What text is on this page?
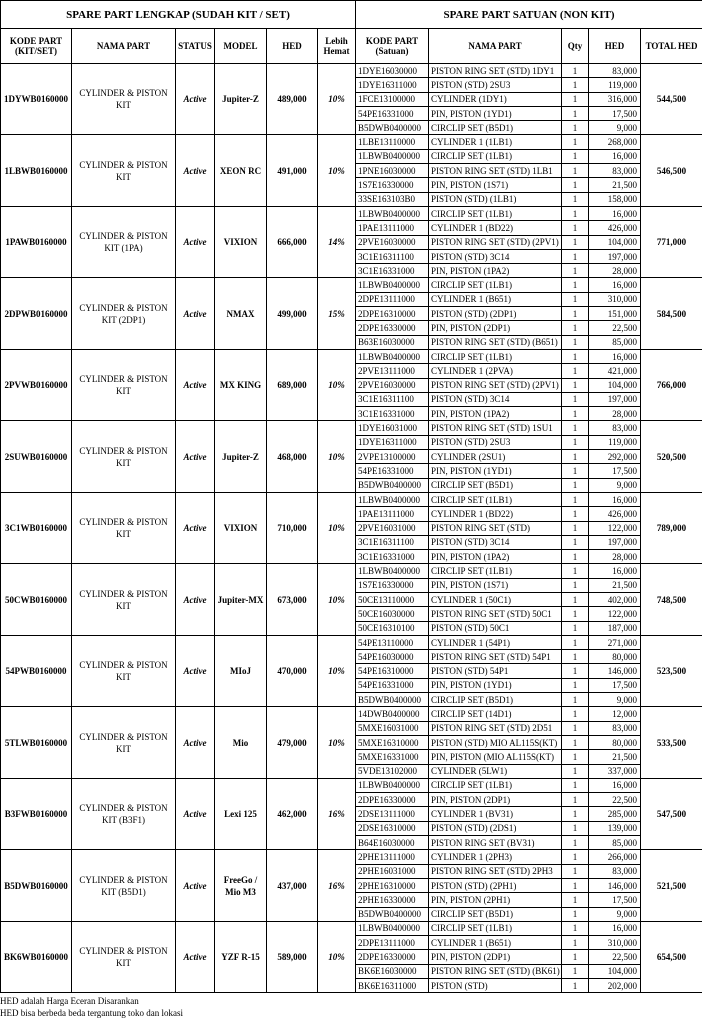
SPARE PART LENGKAP (SUDAH KIT / SET)						SPARE PART SATUAN (NON KIT)				
KODE PART (KIT/SET)	NAMA PART	STATUS	MODEL	HED	Lebih Hemat	KODE PART (Satuan)	NAMA PART	Qty	HED	TOTAL HED
1DYWB0160000	CYLINDER & PISTON KIT	Active	Jupiter-Z	489,000	10%	1DYE16030000	PISTON RING SET (STD) 1DY1	1	83,000	544,500
						1DYE16311000	PISTON (STD) 2SU3	1	119,000	
						1FCE13100000	CYLINDER (1DY1)	1	316,000	
						54PE16331000	PIN, PISTON (1YD1)	1	17,500	
						B5DWB0400000	CIRCLIP SET (B5D1)	1	9,000	
1LBWB0160000	CYLINDER & PISTON KIT	Active	XEON RC	491,000	10%	1LBE13110000	CYLINDER 1 (1LB1)	1	268,000	546,500
						1LBWB0400000	CIRCLIP SET (1LB1)	1	16,000	
						1PNE16030000	PISTON RING SET (STD) 1LB1	1	83,000	
						1S7E16330000	PIN, PISTON (1S71)	1	21,500	
						33SE163103B0	PISTON (STD) (1LB1)	1	158,000	
1PAWB0160000	CYLINDER & PISTON KIT (1PA)	Active	VIXION	666,000	14%	1LBWB0400000	CIRCLIP SET (1LB1)	1	16,000	771,000
						1PAE13111000	CYLINDER 1 (BD22)	1	426,000	
						2PVE16030000	PISTON RING SET (STD) (2PV1)	1	104,000	
						3C1E16311100	PISTON (STD) 3C14	1	197,000	
						3C1E16331000	PIN, PISTON (1PA2)	1	28,000	
2DPWB0160000	CYLINDER & PISTON KIT (2DP1)	Active	NMAX	499,000	15%	1LBWB0400000	CIRCLIP SET (1LB1)	1	16,000	584,500
						2DPE13111000	CYLINDER 1 (B651)	1	310,000	
						2DPE16310000	PISTON (STD) (2DP1)	1	151,000	
						2DPE16330000	PIN, PISTON (2DP1)	1	22,500	
						B63E16030000	PISTON RING SET (STD) (B651)	1	85,000	
2PVWB0160000	CYLINDER & PISTON KIT	Active	MX KING	689,000	10%	1LBWB0400000	CIRCLIP SET (1LB1)	1	16,000	766,000
						2PVE13111000	CYLINDER 1 (2PVA)	1	421,000	
						2PVE16030000	PISTON RING SET (STD) (2PV1)	1	104,000	
						3C1E16311100	PISTON (STD) 3C14	1	197,000	
						3C1E16331000	PIN, PISTON (1PA2)	1	28,000	
2SUWB0160000	CYLINDER & PISTON KIT	Active	Jupiter-Z	468,000	10%	1DYE16031000	PISTON RING SET (STD) 1SU1	1	83,000	520,500
						1DYE16311000	PISTON (STD) 2SU3	1	119,000	
						2VPE13100000	CYLINDER (2SU1)	1	292,000	
						54PE16331000	PIN, PISTON (1YD1)	1	17,500	
						B5DWB0400000	CIRCLIP SET (B5D1)	1	9,000	
3C1WB0160000	CYLINDER & PISTON KIT	Active	VIXION	710,000	10%	1LBWB0400000	CIRCLIP SET (1LB1)	1	16,000	789,000
						1PAE13111000	CYLINDER 1 (BD22)	1	426,000	
						2PVE16031000	PISTON RING SET (STD)	1	122,000	
						3C1E16311100	PISTON (STD) 3C14	1	197,000	
						3C1E16331000	PIN, PISTON (1PA2)	1	28,000	
50CWB0160000	CYLINDER & PISTON KIT	Active	Jupiter-MX	673,000	10%	1LBWB0400000	CIRCLIP SET (1LB1)	1	16,000	748,500
						1S7E16330000	PIN, PISTON (1S71)	1	21,500	
						50CE13110000	CYLINDER 1 (50C1)	1	402,000	
						50CE16030000	PISTON RING SET (STD) 50C1	1	122,000	
						50CE16310100	PISTON (STD) 50C1	1	187,000	
54PWB0160000	CYLINDER & PISTON KIT	Active	MIoJ	470,000	10%	54PE13110000	CYLINDER 1 (54P1)	1	271,000	523,500
						54PE16030000	PISTON RING SET (STD) 54P1	1	80,000	
						54PE16310000	PISTON (STD) 54P1	1	146,000	
						54PE16331000	PIN, PISTON (1YD1)	1	17,500	
						B5DWB0400000	CIRCLIP SET (B5D1)	1	9,000	
5TLWB0160000	CYLINDER & PISTON KIT	Active	Mio	479,000	10%	14DWB0400000	CIRCLIP SET (14D1)	1	12,000	533,500
						5MXE16031000	PISTON RING SET (STD) 2D51	1	83,000	
						5MXE16310000	PISTON (STD) MIO AL115S(KT)	1	80,000	
						5MXE16331000	PIN, PISTON (MIO AL115S(KT)	1	21,500	
						5VDE13102000	CYLINDER (5LW1)	1	337,000	
B3FWB0160000	CYLINDER & PISTON KIT (B3F1)	Active	Lexi 125	462,000	16%	1LBWB0400000	CIRCLIP SET (1LB1)	1	16,000	547,500
						2DPE16330000	PIN, PISTON (2DP1)	1	22,500	
						2DSE13111000	CYLINDER 1 (BV31)	1	285,000	
						2DSE16310000	PISTON (STD) (2DS1)	1	139,000	
						B64E16030000	PISTON RING SET (BV31)	1	85,000	
B5DWB0160000	CYLINDER & PISTON KIT (B5D1)	Active	FreeGo / Mio M3	437,000	16%	2PHE13111000	CYLINDER 1 (2PH3)	1	266,000	521,500
						2PHE16031000	PISTON RING SET (STD) 2PH3	1	83,000	
						2PHE16310000	PISTON (STD) (2PH1)	1	146,000	
						2PHE16330000	PIN, PISTON (2PH1)	1	17,500	
						B5DWB0400000	CIRCLIP SET (B5D1)	1	9,000	
BK6WB0160000	CYLINDER & PISTON KIT	Active	YZF R-15	589,000	10%	1LBWB0400000	CIRCLIP SET (1LB1)	1	16,000	654,500
						2DPE13111000	CYLINDER 1 (B651)	1	310,000	
						2DPE16330000	PIN, PISTON (2DP1)	1	22,500	
						BK6E16030000	PISTON RING SET (STD) (BK61)	1	104,000	
						BK6E16311000	PISTON (STD)	1	202,000	
HED adalah Harga Eceran Disarankan
HED bisa berbeda beda tergantung toko dan lokasi
